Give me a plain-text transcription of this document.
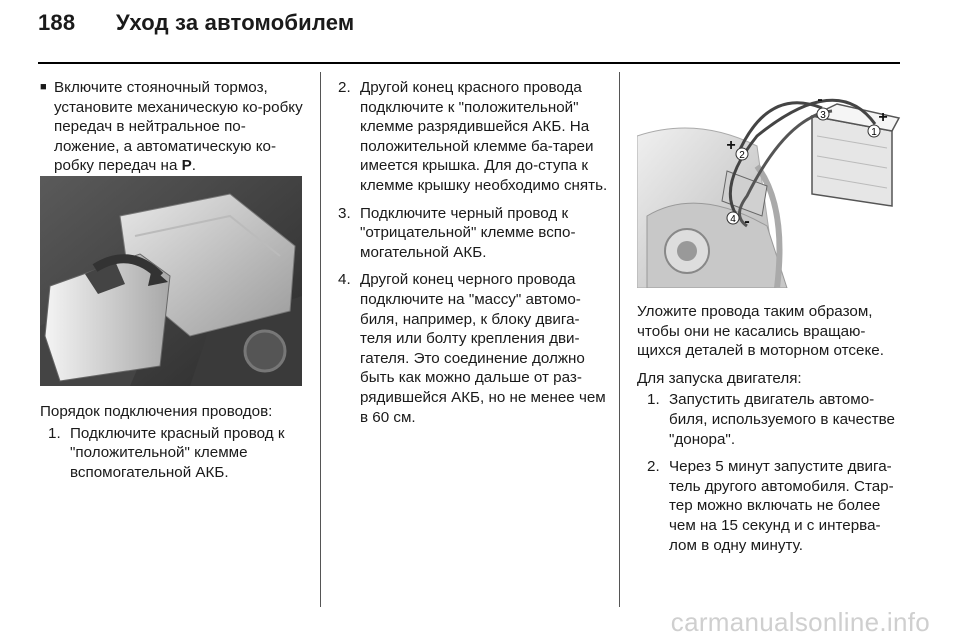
188 Уход за автомобилем
■ Включите стояночный тормоз, установите механическую ко-робку передач в нейтральное по-ложение, а автоматическую ко-робку передач на P.
Порядок подключения проводов:
1. Подключите красный провод к "положительной" клемме вспомогательной АКБ.
2. Другой конец красного провода подключите к "положительной" клемме разрядившейся АКБ. На положительной клемме ба-тареи имеется крышка. Для до-ступа к клемме крышку необходимо снять.
3. Подключите черный провод к "отрицательной" клемме вспо-могательной АКБ.
4. Другой конец черного провода подключите на "массу" автомо-биля, например, к блоку двига-теля или болту крепления дви-гателя. Это соединение должно быть как можно дальше от раз-рядившейся АКБ, но не менее чем в 60 см.
1
2
3
4
+
-
+
-
Уложите провода таким образом, чтобы они не касались вращаю-щихся деталей в моторном отсеке.
Для запуска двигателя:
1. Запустить двигатель автомо-биля, используемого в качестве "донора".
2. Через 5 минут запустите двига-тель другого автомобиля. Стар-тер можно включать не более чем на 15 секунд и с интерва-лом в одну минуту.
carmanualsonline.info
